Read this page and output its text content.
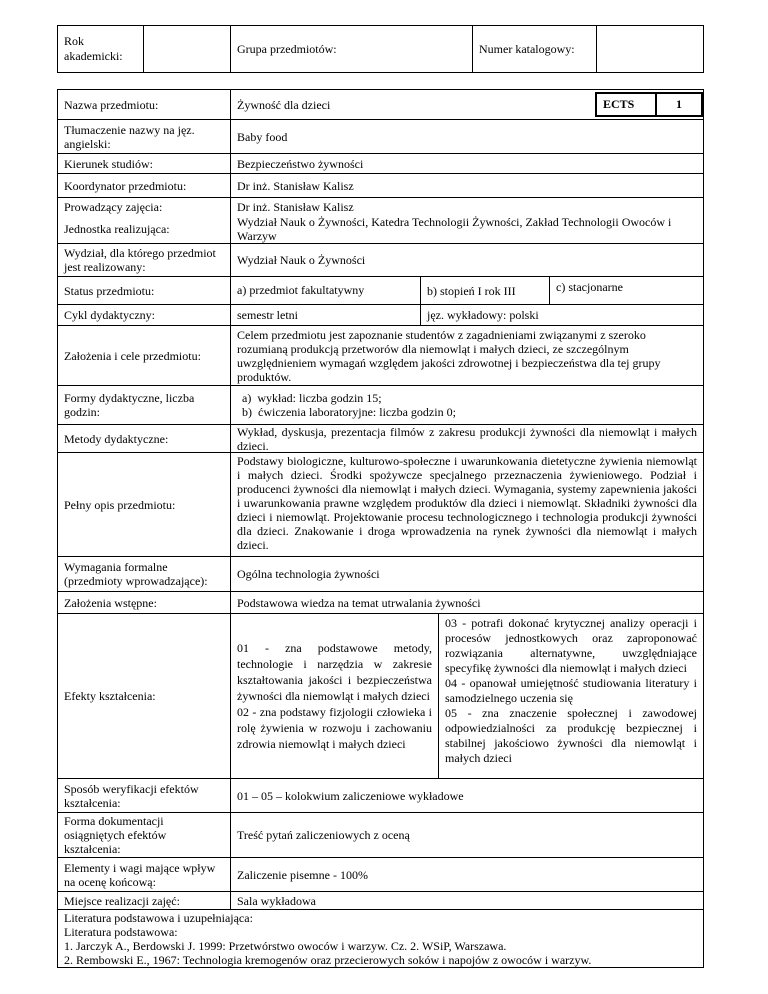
Rok akademicki:
Grupa przedmiotów:	Numer katalogowy:
Nazwa przedmiotu:	Żywność dla dzieci	ECTS	1
Tłumaczenie nazwy na jęz. angielski:	Baby food
Kierunek studiów:	Bezpieczeństwo żywności
Koordynator przedmiotu:	Dr inż. Stanisław Kalisz
Prowadzący zajęcia:	Dr inż. Stanisław Kalisz
Jednostka realizująca:	Wydział Nauk o Żywności, Katedra Technologii Żywności, Zakład Technologii Owoców i Warzyw
Wydział, dla którego przedmiot jest realizowany:	Wydział Nauk o Żywności
Status przedmiotu:	a) przedmiot fakultatywny	b) stopień I rok III	c) stacjonarne
Cykl dydaktyczny:	semestr letni	jęz. wykładowy: polski
Założenia i cele przedmiotu:
Celem przedmiotu jest zapoznanie studentów z zagadnieniami związanymi z szeroko rozumianą produkcją przetworów dla niemowląt i małych dzieci, ze szczególnym uwzględnieniem wymagań względem jakości zdrowotnej i bezpieczeństwa dla tej grupy produktów.
Formy dydaktyczne, liczba godzin:
a)  wykład: liczba godzin 15;
b)  ćwiczenia laboratoryjne: liczba godzin 0;
Metody dydaktyczne:	Wykład, dyskusja, prezentacja filmów z zakresu produkcji żywności dla niemowląt i małych dzieci.
Pełny opis przedmiotu:
Podstawy biologiczne, kulturowo-społeczne i uwarunkowania dietetyczne żywienia niemowląt i małych dzieci. Środki spożywcze specjalnego przeznaczenia żywieniowego. Podział i producenci żywności dla niemowląt i małych dzieci. Wymagania, systemy zapewnienia jakości i uwarunkowania prawne względem produktów dla dzieci i niemowląt. Składniki żywności dla dzieci i niemowląt. Projektowanie procesu technologicznego i technologia produkcji żywności dla dzieci. Znakowanie i droga wprowadzenia na rynek żywności dla niemowląt i małych dzieci.
Wymagania formalne (przedmioty wprowadzające):	Ogólna technologia żywności
Założenia wstępne:	Podstawowa wiedza na temat utrwalania żywności
Efekty kształcenia:
01 - zna podstawowe metody, technologie i narzędzia w zakresie kształtowania jakości i bezpieczeństwa żywności dla niemowląt i małych dzieci
02 - zna podstawy fizjologii człowieka i rolę żywienia w rozwoju i zachowaniu zdrowia niemowląt i małych dzieci
03 - potrafi dokonać krytycznej analizy operacji i procesów jednostkowych oraz zaproponować rozwiązania alternatywne, uwzględniające specyfikę żywności dla niemowląt i małych dzieci
04 - opanował umiejętność studiowania literatury i samodzielnego uczenia się
05 - zna znaczenie społecznej i zawodowej odpowiedzialności za produkcję bezpiecznej i stabilnej jakościowo żywności dla niemowląt i małych dzieci
Sposób weryfikacji efektów kształcenia:	01 – 05 – kolokwium zaliczeniowe wykładowe
Forma dokumentacji osiągniętych efektów kształcenia:
Treść pytań zaliczeniowych z oceną
Elementy i wagi mające wpływ na ocenę końcową:	Zaliczenie pisemne - 100%
Miejsce realizacji zajęć:	Sala wykładowa
Literatura podstawowa i uzupełniająca:
Literatura podstawowa:
1. Jarczyk A., Berdowski J. 1999: Przetwórstwo owoców i warzyw. Cz. 2. WSiP, Warszawa.
2. Rembowski E., 1967: Technologia kremogenów oraz przecierowych soków i napojów z owoców i warzyw.
